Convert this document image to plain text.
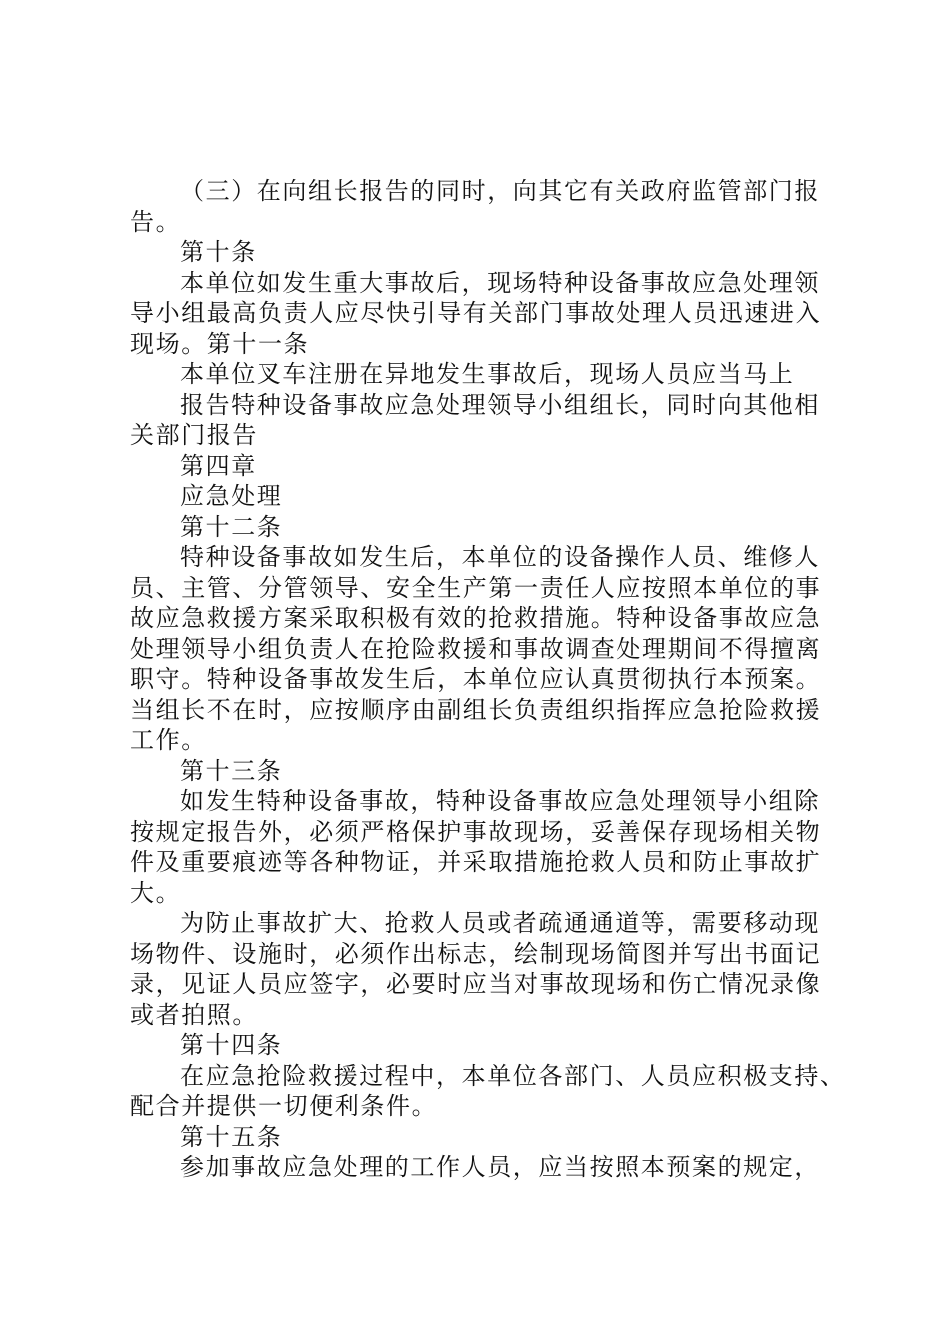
（三）在向组长报告的同时，向其它有关政府监管部门报
告。
第十条
本单位如发生重大事故后，现场特种设备事故应急处理领
导小组最高负责人应尽快引导有关部门事故处理人员迅速进入
现场。第十一条
本单位叉车注册在异地发生事故后，现场人员应当马上
报告特种设备事故应急处理领导小组组长，同时向其他相
关部门报告
第四章
应急处理
第十二条
特种设备事故如发生后，本单位的设备操作人员、维修人
员、主管、分管领导、安全生产第一责任人应按照本单位的事
故应急救援方案采取积极有效的抢救措施。特种设备事故应急
处理领导小组负责人在抢险救援和事故调查处理期间不得擅离
职守。特种设备事故发生后，本单位应认真贯彻执行本预案。
当组长不在时，应按顺序由副组长负责组织指挥应急抢险救援
工作。
第十三条
如发生特种设备事故，特种设备事故应急处理领导小组除
按规定报告外，必须严格保护事故现场，妥善保存现场相关物
件及重要痕迹等各种物证，并采取措施抢救人员和防止事故扩
大。
为防止事故扩大、抢救人员或者疏通通道等，需要移动现
场物件、设施时，必须作出标志，绘制现场简图并写出书面记
录，见证人员应签字，必要时应当对事故现场和伤亡情况录像
或者拍照。
第十四条
在应急抢险救援过程中，本单位各部门、人员应积极支持、
配合并提供一切便利条件。
第十五条
参加事故应急处理的工作人员，应当按照本预案的规定，
